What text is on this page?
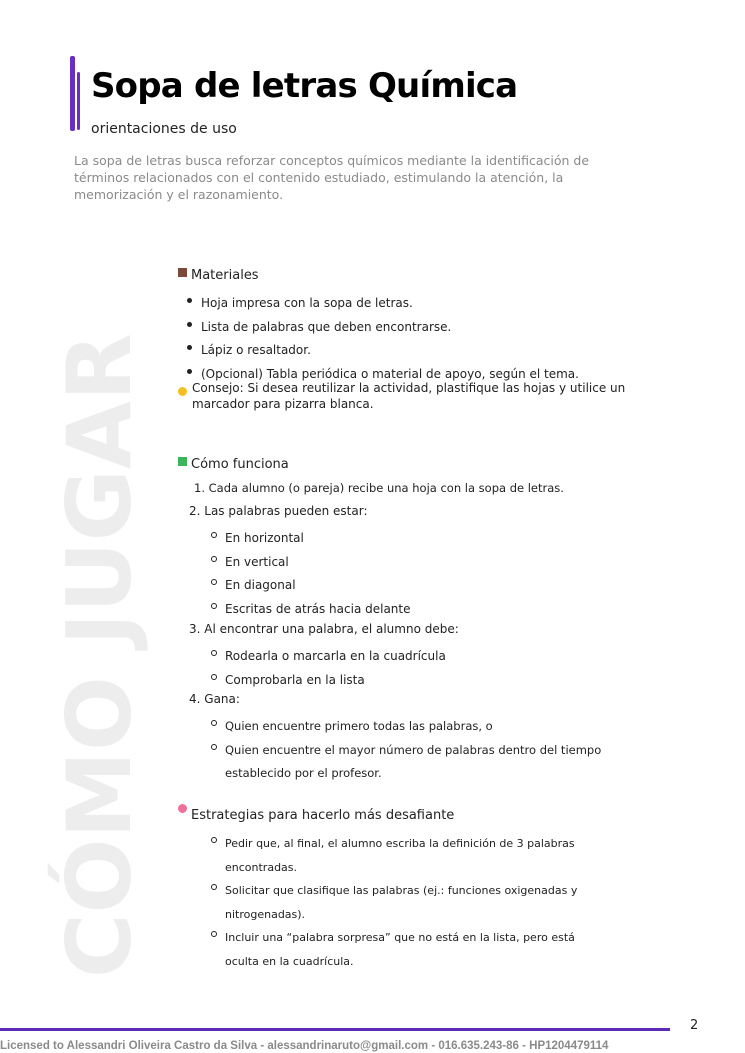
Sopa de letras Química
orientaciones de uso
La sopa de letras busca reforzar conceptos químicos mediante la identificación de términos relacionados con el contenido estudiado, estimulando la atención, la memorización y el razonamiento.
CÓMO JUGAR
Materiales
Hoja impresa con la sopa de letras.
Lista de palabras que deben encontrarse.
Lápiz o resaltador.
(Opcional) Tabla periódica o material de apoyo, según el tema.
Consejo: Si desea reutilizar la actividad, plastifique las hojas y utilice un marcador para pizarra blanca.
Cómo funciona
1. Cada alumno (o pareja) recibe una hoja con la sopa de letras.
2. Las palabras pueden estar:
En horizontal
En vertical
En diagonal
Escritas de atrás hacia delante
3. Al encontrar una palabra, el alumno debe:
Rodearla o marcarla en la cuadrícula
Comprobarla en la lista
4. Gana:
Quien encuentre primero todas las palabras, o
Quien encuentre el mayor número de palabras dentro del tiempo
establecido por el profesor.
Estrategias para hacerlo más desafiante
Pedir que, al final, el alumno escriba la definición de 3 palabras
encontradas.
Solicitar que clasifique las palabras (ej.: funciones oxigenadas y
nitrogenadas).
Incluir una “palabra sorpresa” que no está en la lista, pero está
oculta en la cuadrícula.
2
Licensed to Alessandri Oliveira Castro da Silva - alessandrinaruto@gmail.com - 016.635.243-86 - HP1204479114
